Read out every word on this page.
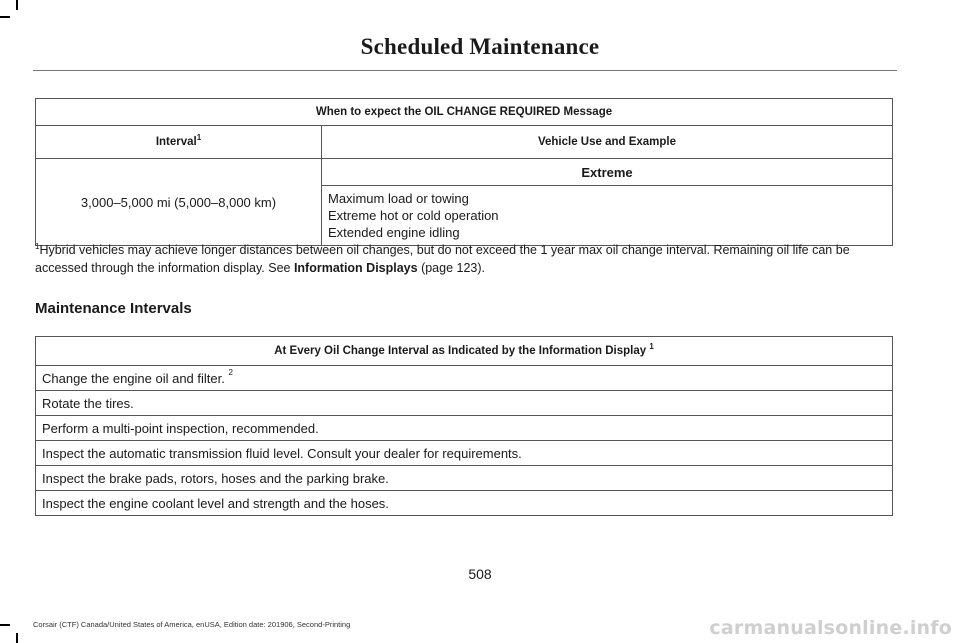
Scheduled Maintenance
When to expect the OIL CHANGE REQUIRED Message	
Interval$^1$	Vehicle Use and Example
3,000–5,000 mi (5,000–8,000 km)	Extreme

	Maximum load or towing
Extreme hot or cold operation
Extended engine idling
$^1$Hybrid vehicles may achieve longer distances between oil changes, but do not exceed the 1 year max oil change interval. Remaining oil life can be accessed through the information display. See Information Displays (page 123).
Maintenance Intervals
At Every Oil Change Interval as Indicated by the Information Display $^1$
Change the engine oil and filter. $^2$
Rotate the tires.
Perform a multi-point inspection, recommended.
Inspect the automatic transmission fluid level. Consult your dealer for requirements.
Inspect the brake pads, rotors, hoses and the parking brake.
Inspect the engine coolant level and strength and the hoses.
508
Corsair (CTF) Canada/United States of America, enUSA, Edition date: 201906, Second-Printing	carmanualsonline.info
